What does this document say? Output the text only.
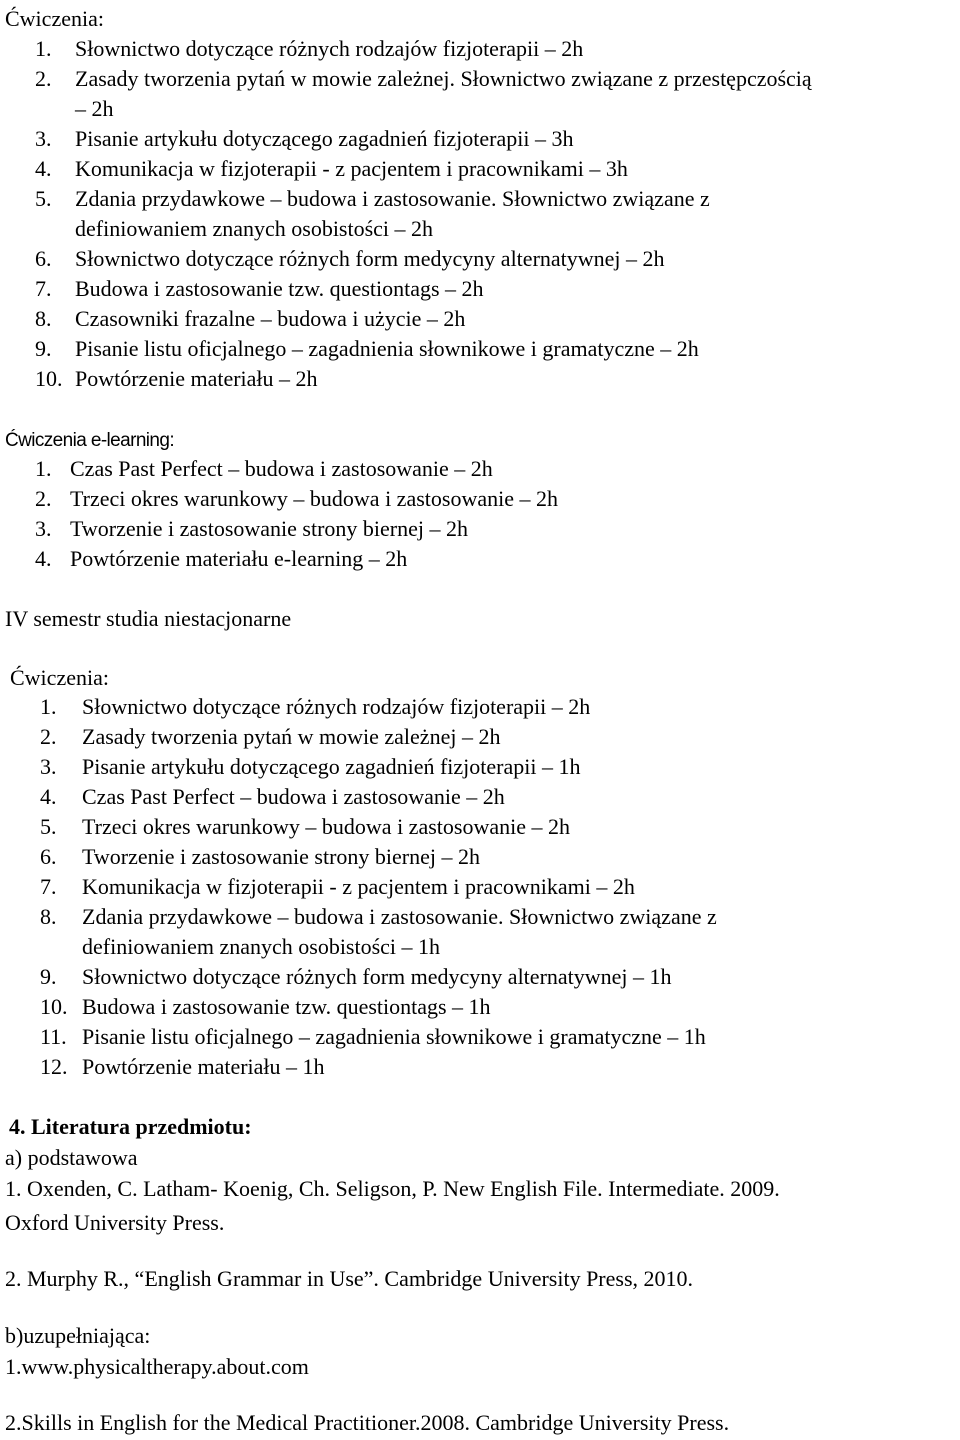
Ćwiczenia:
1. Słownictwo dotyczące różnych rodzajów fizjoterapii – 2h
2. Zasady tworzenia pytań w mowie zależnej. Słownictwo związane z przestępczością
– 2h
3. Pisanie artykułu dotyczącego zagadnień fizjoterapii – 3h
4. Komunikacja w fizjoterapii - z pacjentem i pracownikami – 3h
5. Zdania przydawkowe – budowa i zastosowanie. Słownictwo związane z
definiowaniem znanych osobistości – 2h
6. Słownictwo dotyczące różnych form medycyny alternatywnej – 2h
7. Budowa i zastosowanie tzw. questiontags – 2h
8. Czasowniki frazalne – budowa i użycie – 2h
9. Pisanie listu oficjalnego – zagadnienia słownikowe i gramatyczne – 2h
10. Powtórzenie materiału – 2h
Ćwiczenia e-learning:
1. Czas Past Perfect – budowa i zastosowanie – 2h
2. Trzeci okres warunkowy – budowa i zastosowanie – 2h
3. Tworzenie i zastosowanie strony biernej – 2h
4. Powtórzenie materiału e-learning – 2h
IV semestr studia niestacjonarne
Ćwiczenia:
1. Słownictwo dotyczące różnych rodzajów fizjoterapii – 2h
2. Zasady tworzenia pytań w mowie zależnej – 2h
3. Pisanie artykułu dotyczącego zagadnień fizjoterapii – 1h
4. Czas Past Perfect – budowa i zastosowanie – 2h
5. Trzeci okres warunkowy – budowa i zastosowanie – 2h
6. Tworzenie i zastosowanie strony biernej – 2h
7. Komunikacja w fizjoterapii - z pacjentem i pracownikami – 2h
8. Zdania przydawkowe – budowa i zastosowanie. Słownictwo związane z
definiowaniem znanych osobistości – 1h
9. Słownictwo dotyczące różnych form medycyny alternatywnej – 1h
10. Budowa i zastosowanie tzw. questiontags – 1h
11. Pisanie listu oficjalnego – zagadnienia słownikowe i gramatyczne – 1h
12. Powtórzenie materiału – 1h
4. Literatura przedmiotu:
a) podstawowa
1. Oxenden, C. Latham- Koenig, Ch. Seligson, P. New English File. Intermediate. 2009.
Oxford University Press.
2. Murphy R., “English Grammar in Use”. Cambridge University Press, 2010.
b)uzupełniająca:
1.www.physicaltherapy.about.com
2.Skills in English for the Medical Practitioner.2008. Cambridge University Press.
